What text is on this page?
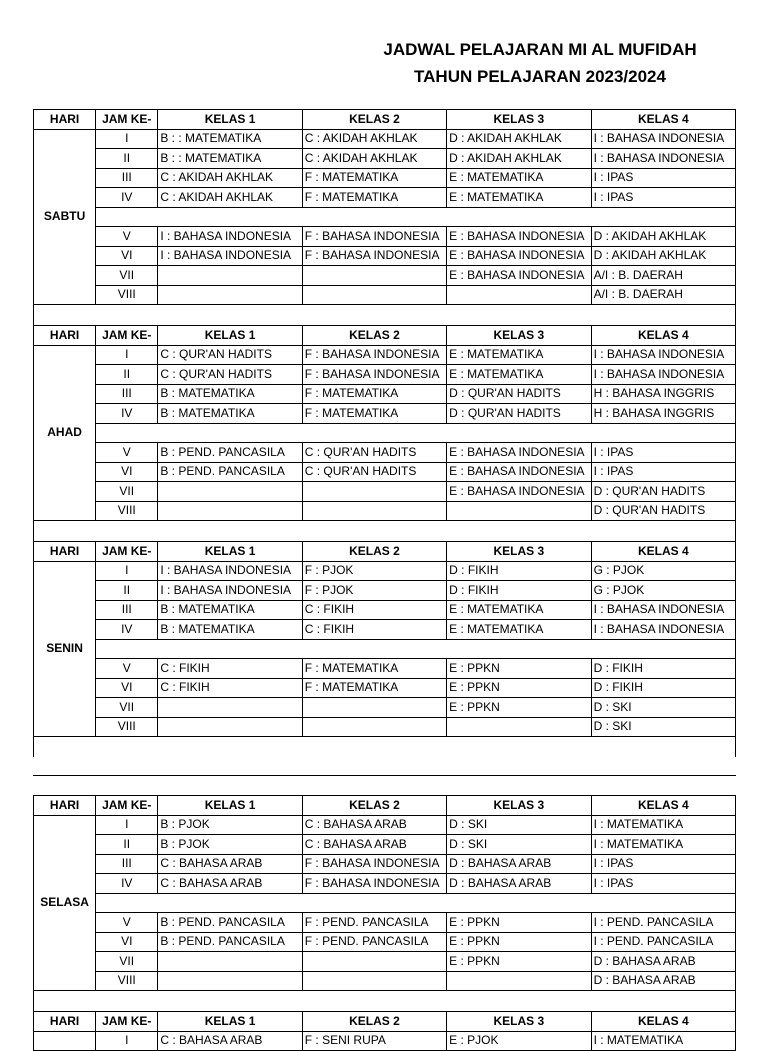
JADWAL PELAJARAN MI AL MUFIDAH
TAHUN PELAJARAN 2023/2024
HARI	JAM KE-	KELAS 1	KELAS 2	KELAS 3	KELAS 4
SABTU	I	B : : MATEMATIKA	C : AKIDAH AKHLAK	D : AKIDAH AKHLAK	I : BAHASA INDONESIA
	II	B : : MATEMATIKA	C : AKIDAH AKHLAK	D : AKIDAH AKHLAK	I : BAHASA INDONESIA
	III	C : AKIDAH AKHLAK	F : MATEMATIKA	E : MATEMATIKA	I : IPAS
	IV	C : AKIDAH AKHLAK	F : MATEMATIKA	E : MATEMATIKA	I : IPAS

	V	I : BAHASA INDONESIA	F : BAHASA INDONESIA	E : BAHASA INDONESIA	D : AKIDAH AKHLAK
	VI	I : BAHASA INDONESIA	F : BAHASA INDONESIA	E : BAHASA INDONESIA	D : AKIDAH AKHLAK
	VII			E : BAHASA INDONESIA	A/I : B. DAERAH
	VIII				A/I : B. DAERAH
HARI	JAM KE-	KELAS 1	KELAS 2	KELAS 3	KELAS 4
AHAD	I	C : QUR'AN HADITS	F : BAHASA INDONESIA	E : MATEMATIKA	I : BAHASA INDONESIA
	II	C : QUR'AN HADITS	F : BAHASA INDONESIA	E : MATEMATIKA	I : BAHASA INDONESIA
	III	B : MATEMATIKA	F : MATEMATIKA	D : QUR'AN HADITS	H : BAHASA INGGRIS
	IV	B : MATEMATIKA	F : MATEMATIKA	D : QUR'AN HADITS	H : BAHASA INGGRIS

	V	B : PEND. PANCASILA	C : QUR'AN HADITS	E : BAHASA INDONESIA	I : IPAS
	VI	B : PEND. PANCASILA	C : QUR'AN HADITS	E : BAHASA INDONESIA	I : IPAS
	VII			E : BAHASA INDONESIA	D : QUR'AN HADITS
	VIII				D : QUR'AN HADITS
HARI	JAM KE-	KELAS 1	KELAS 2	KELAS 3	KELAS 4
SENIN	I	I : BAHASA INDONESIA	F : PJOK	D : FIKIH	G : PJOK
	II	I : BAHASA INDONESIA	F : PJOK	D : FIKIH	G : PJOK
	III	B : MATEMATIKA	C : FIKIH	E : MATEMATIKA	I : BAHASA INDONESIA
	IV	B : MATEMATIKA	C : FIKIH	E : MATEMATIKA	I : BAHASA INDONESIA

	V	C : FIKIH	F : MATEMATIKA	E : PPKN	D : FIKIH
	VI	C : FIKIH	F : MATEMATIKA	E : PPKN	D : FIKIH
	VII			E : PPKN	D : SKI
	VIII				D : SKI
HARI	JAM KE-	KELAS 1	KELAS 2	KELAS 3	KELAS 4
SELASA	I	B : PJOK	C : BAHASA ARAB	D : SKI	I : MATEMATIKA
	II	B : PJOK	C : BAHASA ARAB	D : SKI	I : MATEMATIKA
	III	C : BAHASA ARAB	F : BAHASA INDONESIA	D : BAHASA ARAB	I : IPAS
	IV	C : BAHASA ARAB	F : BAHASA INDONESIA	D : BAHASA ARAB	I : IPAS

	V	B : PEND. PANCASILA	F : PEND. PANCASILA	E : PPKN	I : PEND. PANCASILA
	VI	B : PEND. PANCASILA	F : PEND. PANCASILA	E : PPKN	I : PEND. PANCASILA
	VII			E : PPKN	D : BAHASA ARAB
	VIII				D : BAHASA ARAB
HARI	JAM KE-	KELAS 1	KELAS 2	KELAS 3	KELAS 4
	I	C : BAHASA ARAB	F : SENI RUPA	E : PJOK	I : MATEMATIKA
